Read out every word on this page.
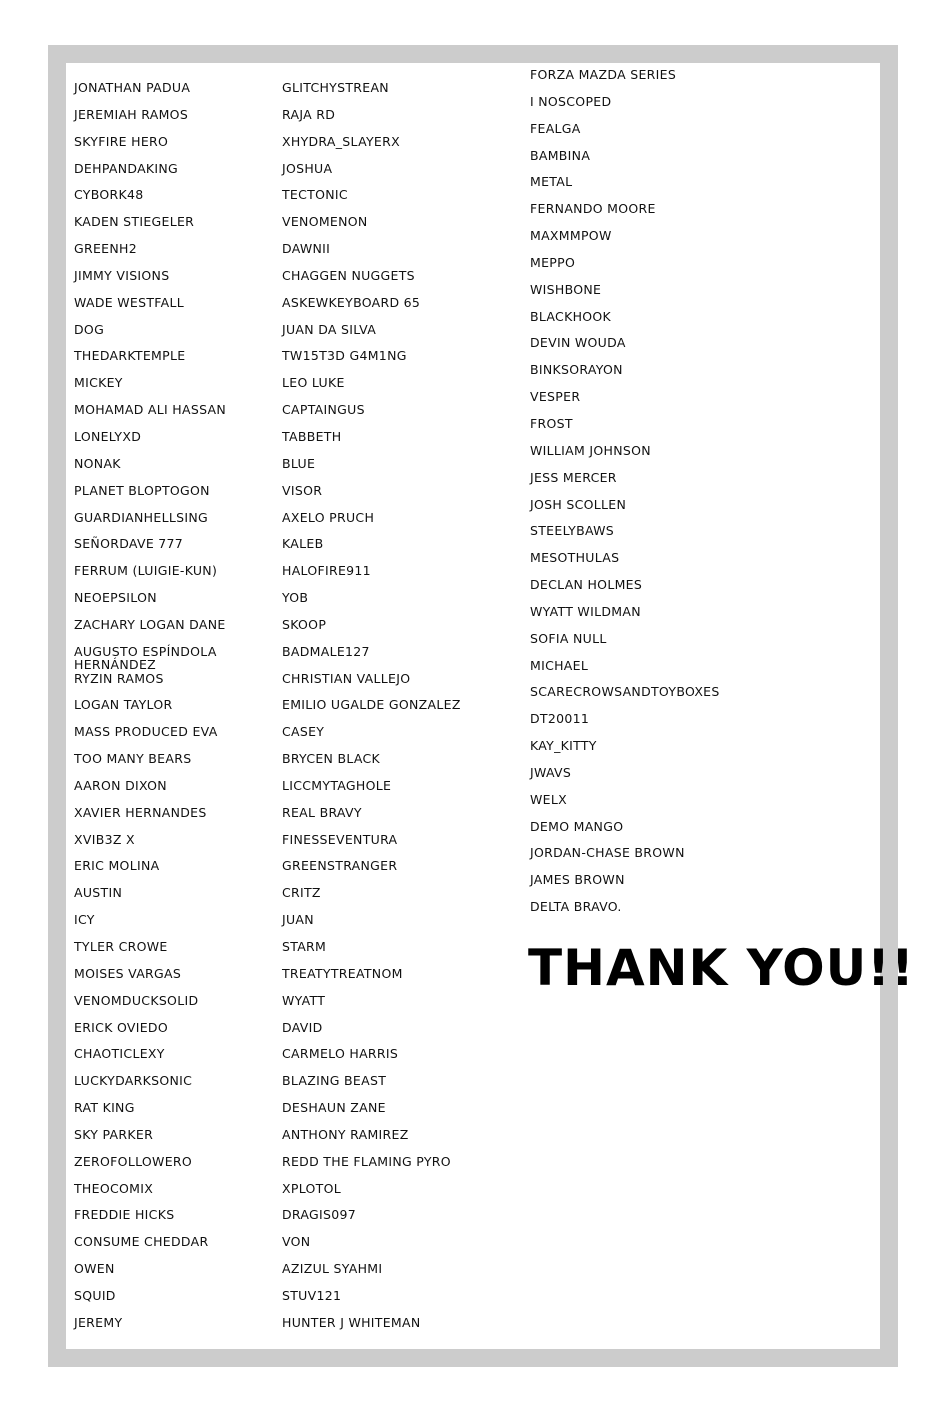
JONATHAN PADUA
JEREMIAH RAMOS
SKYFIRE HERO
DEHPANDAKING
CYBORK48
KADEN STIEGELER
GREENH2
JIMMY VISIONS
WADE WESTFALL
DOG
THEDARKTEMPLE
MICKEY
MOHAMAD ALI HASSAN
LONELYXD
NONAK
PLANET BLOPTOGON
GUARDIANHELLSING
SEÑORDAVE 777
FERRUM (LUIGIE-KUN)
NEOEPSILON
ZACHARY LOGAN DANE
AUGUSTO ESPÍNDOLA HERNÁNDEZ
RYZIN RAMOS
LOGAN TAYLOR
MASS PRODUCED EVA
TOO MANY BEARS
AARON DIXON
XAVIER HERNANDES
XVIB3Z X
ERIC MOLINA
AUSTIN
ICY
TYLER CROWE
MOISES VARGAS
VENOMDUCKSOLID
ERICK OVIEDO
CHAOTICLEXY
LUCKYDARKSONIC
RAT KING
SKY PARKER
ZEROFOLLOWERO
THEOCOMIX
FREDDIE HICKS
CONSUME CHEDDAR
OWEN
SQUID
JEREMY
GLITCHYSTREAN
RAJA RD
XHYDRA_SLAYERX
JOSHUA
TECTONIC
VENOMENON
DAWNII
CHAGGEN NUGGETS
ASKEWKEYBOARD 65
JUAN DA SILVA
TW15T3D G4M1NG
LEO LUKE
CAPTAINGUS
TABBETH
BLUE
VISOR
AXELO PRUCH
KALEB
HALOFIRE911
YOB
SKOOP
BADMALE127
CHRISTIAN VALLEJO
EMILIO UGALDE GONZALEZ
CASEY
BRYCEN BLACK
LICCMYTAGHOLE
REAL BRAVY
FINESSEVENTURA
GREENSTRANGER
CRITZ
JUAN
STARM
TREATYTREATNOM
WYATT
DAVID
CARMELO HARRIS
BLAZING BEAST
DESHAUN ZANE
ANTHONY RAMIREZ
REDD THE FLAMING PYRO
XPLOTOL
DRAGIS097
VON
AZIZUL SYAHMI
STUV121
HUNTER J WHITEMAN
FORZA MAZDA SERIES
I NOSCOPED
FEALGA
BAMBINA
METAL
FERNANDO MOORE
MAXMMPOW
MEPPO
WISHBONE
BLACKHOOK
DEVIN WOUDA
BINKSORAYON
VESPER
FROST
WILLIAM JOHNSON
JESS MERCER
JOSH SCOLLEN
STEELYBAWS
MESOTHULAS
DECLAN HOLMES
WYATT WILDMAN
SOFIA NULL
MICHAEL
SCARECROWSANDTOYBOXES
DT20011
KAY_KITTY
JWAVS
WELX
DEMO MANGO
JORDAN-CHASE BROWN
JAMES BROWN
DELTA BRAVO.
THANK YOU!!
